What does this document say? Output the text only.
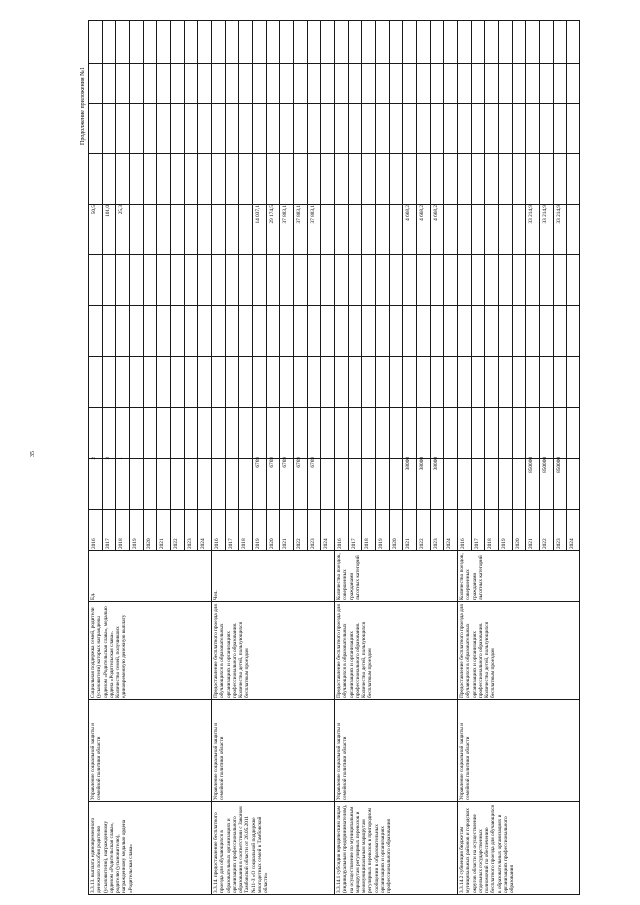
35
Продолжение приложения №1
3.3.13. выплата единовременного денежного пособия родителю (усыновителю), награжденному орденом «Родительская слава», родителю (усыновителю), награжденному медалью ордена «Родительская слава»
Управление социальной защиты и семейной политики области
Социальная поддержка семей, родители (усыновители) которых награждены орденом «Родительская слава», медалью ордена «Родительская слава». Количество семей, получивших единовременную денежную выплату
Ед.
2016
2
50,5
2017
3
101,0
2018
1
25,3
2019 2020 2021 2022 2023 2024
3.3.14. предоставление бесплатного проезда для обучающихся в образовательных организациях и организациях профессионального образования в соответствии с Законом Тамбовской области от 26.05.2011 №11-З «О социальной поддержке многодетных семей в Тамбовской области»
Управление социальной защиты и семейной политики области
Предоставление бесплатного проезда для обучающихся в образовательных организациях и организациях профессионального образования. Количество детей, пользующихся бесплатным проездом
Чел.
2016 2017 2018 2019
6769
14 037,1
2020
6769
29 174,5
2021
6769
37 883,1
2022
6769
37 883,1
2023
6769
37 883,1
2024
3.3.14.1 субсидия юридическим лицам (индивидуальным предпринимателям), на осуществление по муниципальным маршрутам регулярных перевозок и межмуниципальным маршрутам регулярных перевозок в пригородном сообщении в образовательных организациях и организациях профессионального образования
Управление социальной защиты и семейной политики области
Предоставление бесплатного проезда для обучающихся в образовательных организациях и организациях профессионального образования. Количество детей, пользующихся бесплатным проездом
Количество поездок, совершенных гражданами льготных категорий
2016 2017 2018 2019 2020 2021
38000
4 668,2
2022
38000
4 668,2
2023
38000
4 668,2
2024
3.3.14.2 субвенция бюджетам муниципальных районов и городских округов области на осуществление отдельных государственных полномочий по обеспечению бесплатного проезда для обучающихся в образовательных организациях и организациях профессионального образования
Управление социальной защиты и семейной политики области
Предоставление бесплатного проезда для обучающихся в образовательных организациях и организациях профессионального образования. Количество детей, пользующихся бесплатным проездом
Количество поездок, совершенных гражданами льготных категорий
2016 2017 2018 2019 2020 2021
850000
33 214,9
2022
850000
33 214,9
2023
850000
33 214,9
2024
